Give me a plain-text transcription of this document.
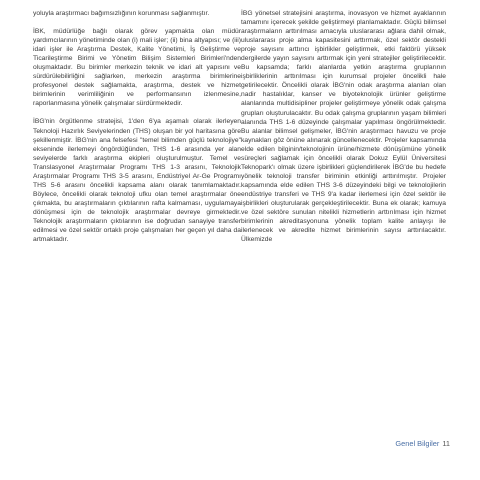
yoluyla araştırmacı bağımsızlığının korunması sağlanmıştır.

İBK, müdürlüğe bağlı olarak görev yapmakta olan müdür yardımcılarının yönetiminde olan (i) mali işler; (ii) bina altyapısı; ve (iii) idari işler ile Araştırma Destek, Kalite Yönetimi, İş Geliştirme ve Ticarileştirme Birimi ve Yönetim Bilişim Sistemleri Birimleri'nden oluşmaktadır. Bu birimler merkezin teknik ve idari alt yapısını ve sürdürülebilirliğini sağlarken, merkezin araştırma birimlerine profesyonel destek sağlamakta, araştırma, destek ve hizmet birimlerinin verimliliğinin ve performansının izlenmesine, raporlanmasına yönelik çalışmalar sürdürmektedir.

İBG'nin örgütlenme stratejisi, 1'den 6'ya aşamalı olarak ilerleyen Teknoloji Hazırlık Seviyelerinden (THS) oluşan bir yol haritasına göre şekillenmiştir. İBG'nin ana felsefesi "temel bilimden güçlü teknolojiye" ekseninde ilerlemeyi öngördüğünden, THS 1-6 arasında yer alan seviyelerde farklı araştırma ekipleri oluşturulmuştur. Temel ve Translasyonel Araştırmalar Programı THS 1-3 arasını, Teknolojik Araştırmalar Programı THS 3-5 arasını, Endüstriyel Ar-Ge Programı THS 5-6 arasını öncelikli kapsama alanı olarak tanımlamaktadır. Böylece, öncelikli olarak teknoloji ufku olan temel araştırmalar öne çıkmakta, bu araştırmaların çıktılarının rafta kalmaması, uygulamaya dönüşmesi için de teknolojik araştırmalar devreye girmektedir. Teknolojik araştırmaların çıktılarının ise doğrudan sanayiye transfer edilmesi ve özel sektör ortaklı proje çalışmaları her geçen yıl daha da artmaktadır.

İBG yönetsel stratejisini araştırma, inovasyon ve hizmet ayaklarının tamamını içerecek şekilde geliştirmeyi planlamaktadır. Güçlü bilimsel araştırmaların arttırılması amacıyla uluslararası ağlara dahil olmak, uluslararası proje alma kapasitesini arttırmak, özel sektör destekli proje sayısını arttırıcı işbirlikler geliştirmek, etki faktörü yüksek dergilerde yayın sayısını arttırmak için yeni stratejiler geliştirilecektir. Bu kapsamda; farklı alanlarda yetkin araştırma gruplarının işbirliklerinin arttırılması için kurumsal projeler öncelikli hale getirilecektir. Öncelikli olarak İBG'nin odak araştırma alanları olan nadir hastalıklar, kanser ve biyoteknolojik ürünler geliştirme alanlarında multidisipliner projeler geliştirmeye yönelik odak çalışma grupları oluşturulacaktır. Bu odak çalışma gruplarının yaşam bilimleri alanında THS 1-6 düzeyinde çalışmalar yapılması öngörülmektedir. Bu alanlar bilimsel gelişmeler, İBG'nin araştırmacı havuzu ve proje kaynakları göz önüne alınarak güncellenecektir. Projeler kapsamında elde edilen bilginin/teknolojinin ürüne/hizmete dönüşümüne yönelik süreçleri sağlamak için öncelikli olarak Dokuz Eylül Üniversitesi Teknopark'ı olmak üzere işbirlikleri güçlendirilerek İBG'de bu hedefe yönelik teknoloji transfer biriminin etkinliği arttırılmıştır. Projeler kapsamında elde edilen THS 3-6 düzeyindeki bilgi ve teknolojilerin endüstriye transferi ve THS 9'a kadar ilerlemesi için özel sektör ile işbirlikleri oluşturularak gerçekleştirilecektir. Buna ek olarak; kamuya ve özel sektöre sunulan nitelikli hizmetlerin arttırılması için hizmet birimlerinin akreditasyonuna yönelik toplam kalite anlayışı ile ilerlenecek ve akredite hizmet birimlerinin sayısı arttırılacaktır. Ülkemizde

Genel Bilgiler 11
